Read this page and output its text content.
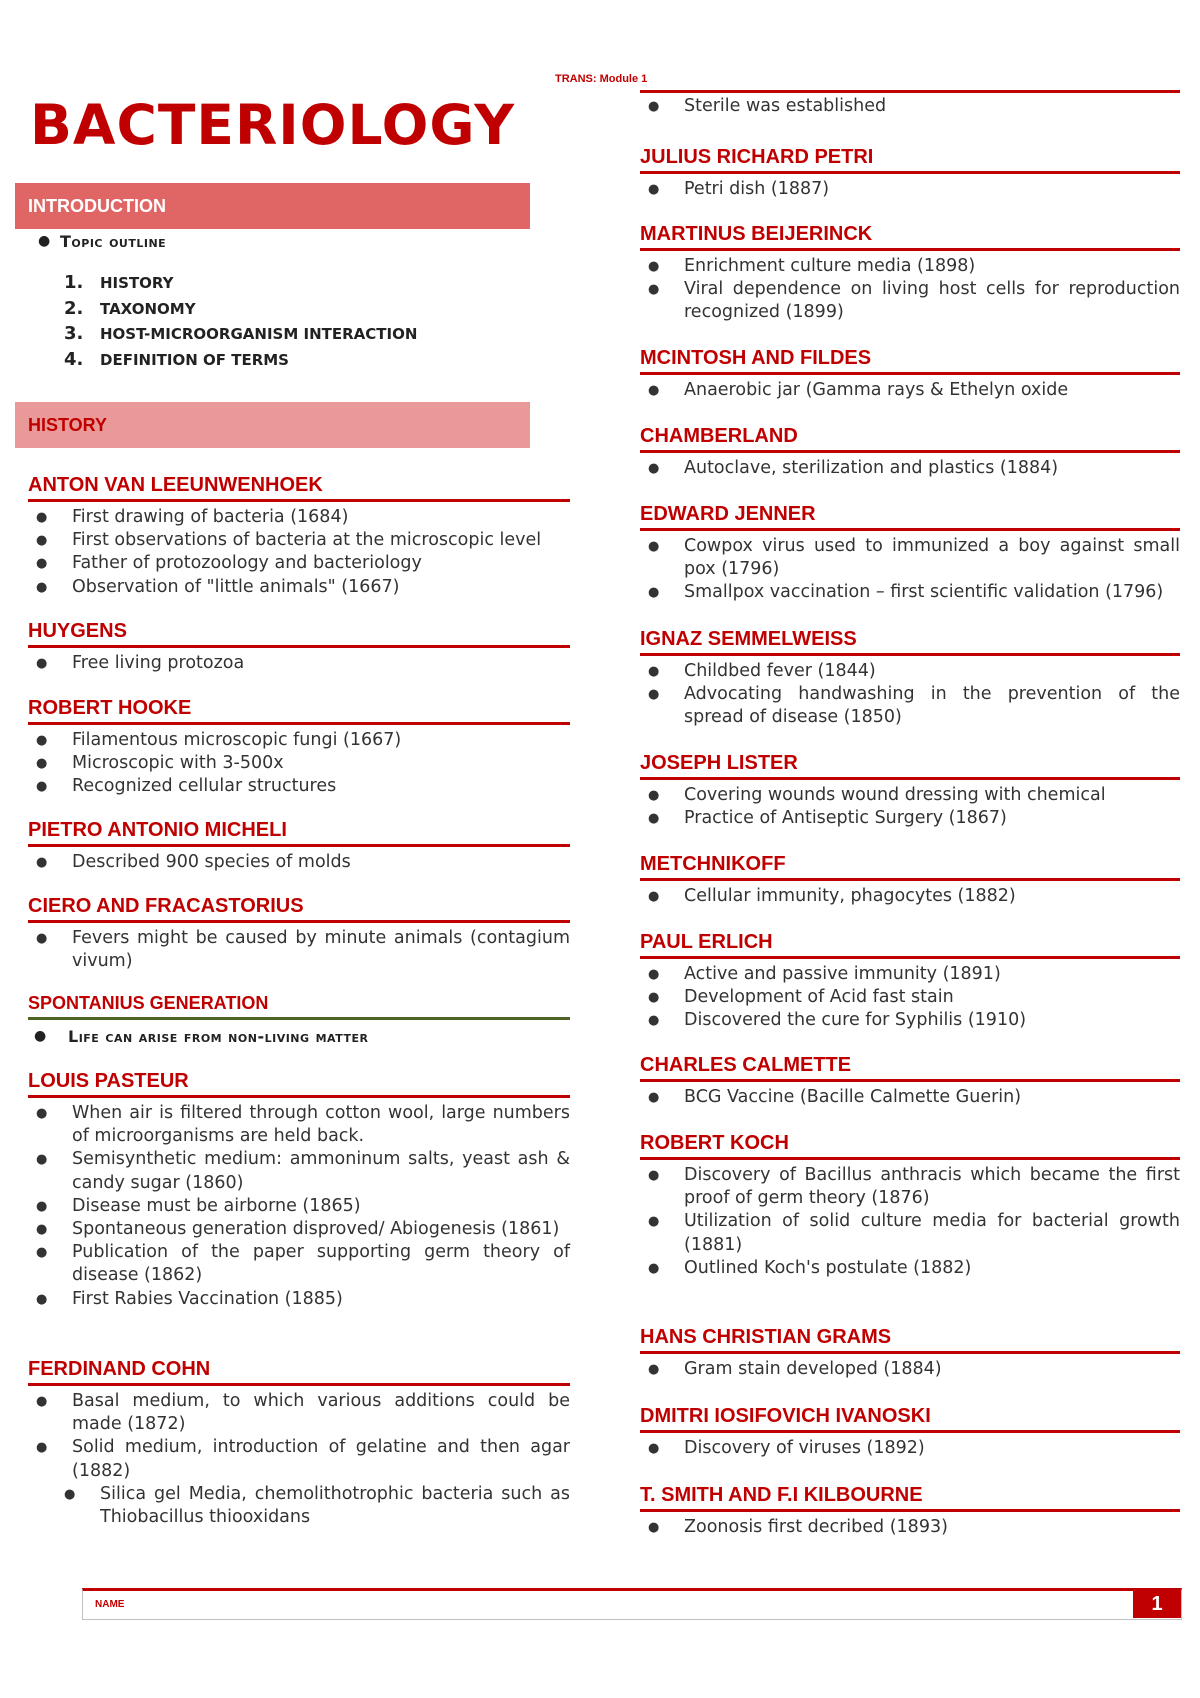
TRANS: Module 1
BACTERIOLOGY
INTRODUCTION
● Topic outline
1.	HISTORY
2.	TAXONOMY
3.	HOST-MICROORGANISM INTERACTION
4.	DEFINITION OF TERMS
HISTORY
ANTON VAN LEEUNWENHOEK
●	First drawing of bacteria (1684)
●	First observations of bacteria at the microscopic level
●	Father of protozoology and bacteriology
●	Observation of "little animals" (1667)
HUYGENS
●	Free living protozoa
ROBERT HOOKE
●	Filamentous microscopic fungi (1667)
●	Microscopic with 3-500x
●	Recognized cellular structures
PIETRO ANTONIO MICHELI
●	Described 900 species of molds
CIERO AND FRACASTORIUS
●	Fevers might be caused by minute animals (contagium vivum)
SPONTANIUS GENERATION
●	Life can arise from non-living matter
LOUIS PASTEUR
●	When air is filtered through cotton wool, large numbers of microorganisms are held back.
●	Semisynthetic medium: ammoninum salts, yeast ash & candy sugar (1860)
●	Disease must be airborne (1865)
●	Spontaneous generation disproved/ Abiogenesis (1861)
●	Publication of the paper supporting germ theory of disease (1862)
●	First Rabies Vaccination (1885)
FERDINAND COHN
●	Basal medium, to which various additions could be made (1872)
●	Solid medium, introduction of gelatine and then agar (1882)
●	Silica gel Media, chemolithotrophic bacteria such as Thiobacillus thiooxidans
●	Sterile was established
JULIUS RICHARD PETRI
●	Petri dish (1887)
MARTINUS BEIJERINCK
●	Enrichment culture media (1898)
●	Viral dependence on living host cells for reproduction recognized (1899)
MCINTOSH AND FILDES
●	Anaerobic jar (Gamma rays & Ethelyn oxide
CHAMBERLAND
●	Autoclave, sterilization and plastics (1884)
EDWARD JENNER
●	Cowpox virus used to immunized a boy against small pox (1796)
●	Smallpox vaccination – first scientific validation (1796)
IGNAZ SEMMELWEISS
●	Childbed fever (1844)
●	Advocating handwashing in the prevention of the spread of disease (1850)
JOSEPH LISTER
●	Covering wounds wound dressing with chemical
●	Practice of Antiseptic Surgery (1867)
METCHNIKOFF
●	Cellular immunity, phagocytes (1882)
PAUL ERLICH
●	Active and passive immunity (1891)
●	Development of Acid fast stain
●	Discovered the cure for Syphilis (1910)
CHARLES CALMETTE
●	BCG Vaccine (Bacille Calmette Guerin)
ROBERT KOCH
●	Discovery of Bacillus anthracis which became the first proof of germ theory (1876)
●	Utilization of solid culture media for bacterial growth (1881)
●	Outlined Koch's postulate (1882)
HANS CHRISTIAN GRAMS
●	Gram stain developed (1884)
DMITRI IOSIFOVICH IVANOSKI
●	Discovery of viruses (1892)
T. SMITH AND F.I KILBOURNE
●	Zoonosis first decribed (1893)
NAME	1
